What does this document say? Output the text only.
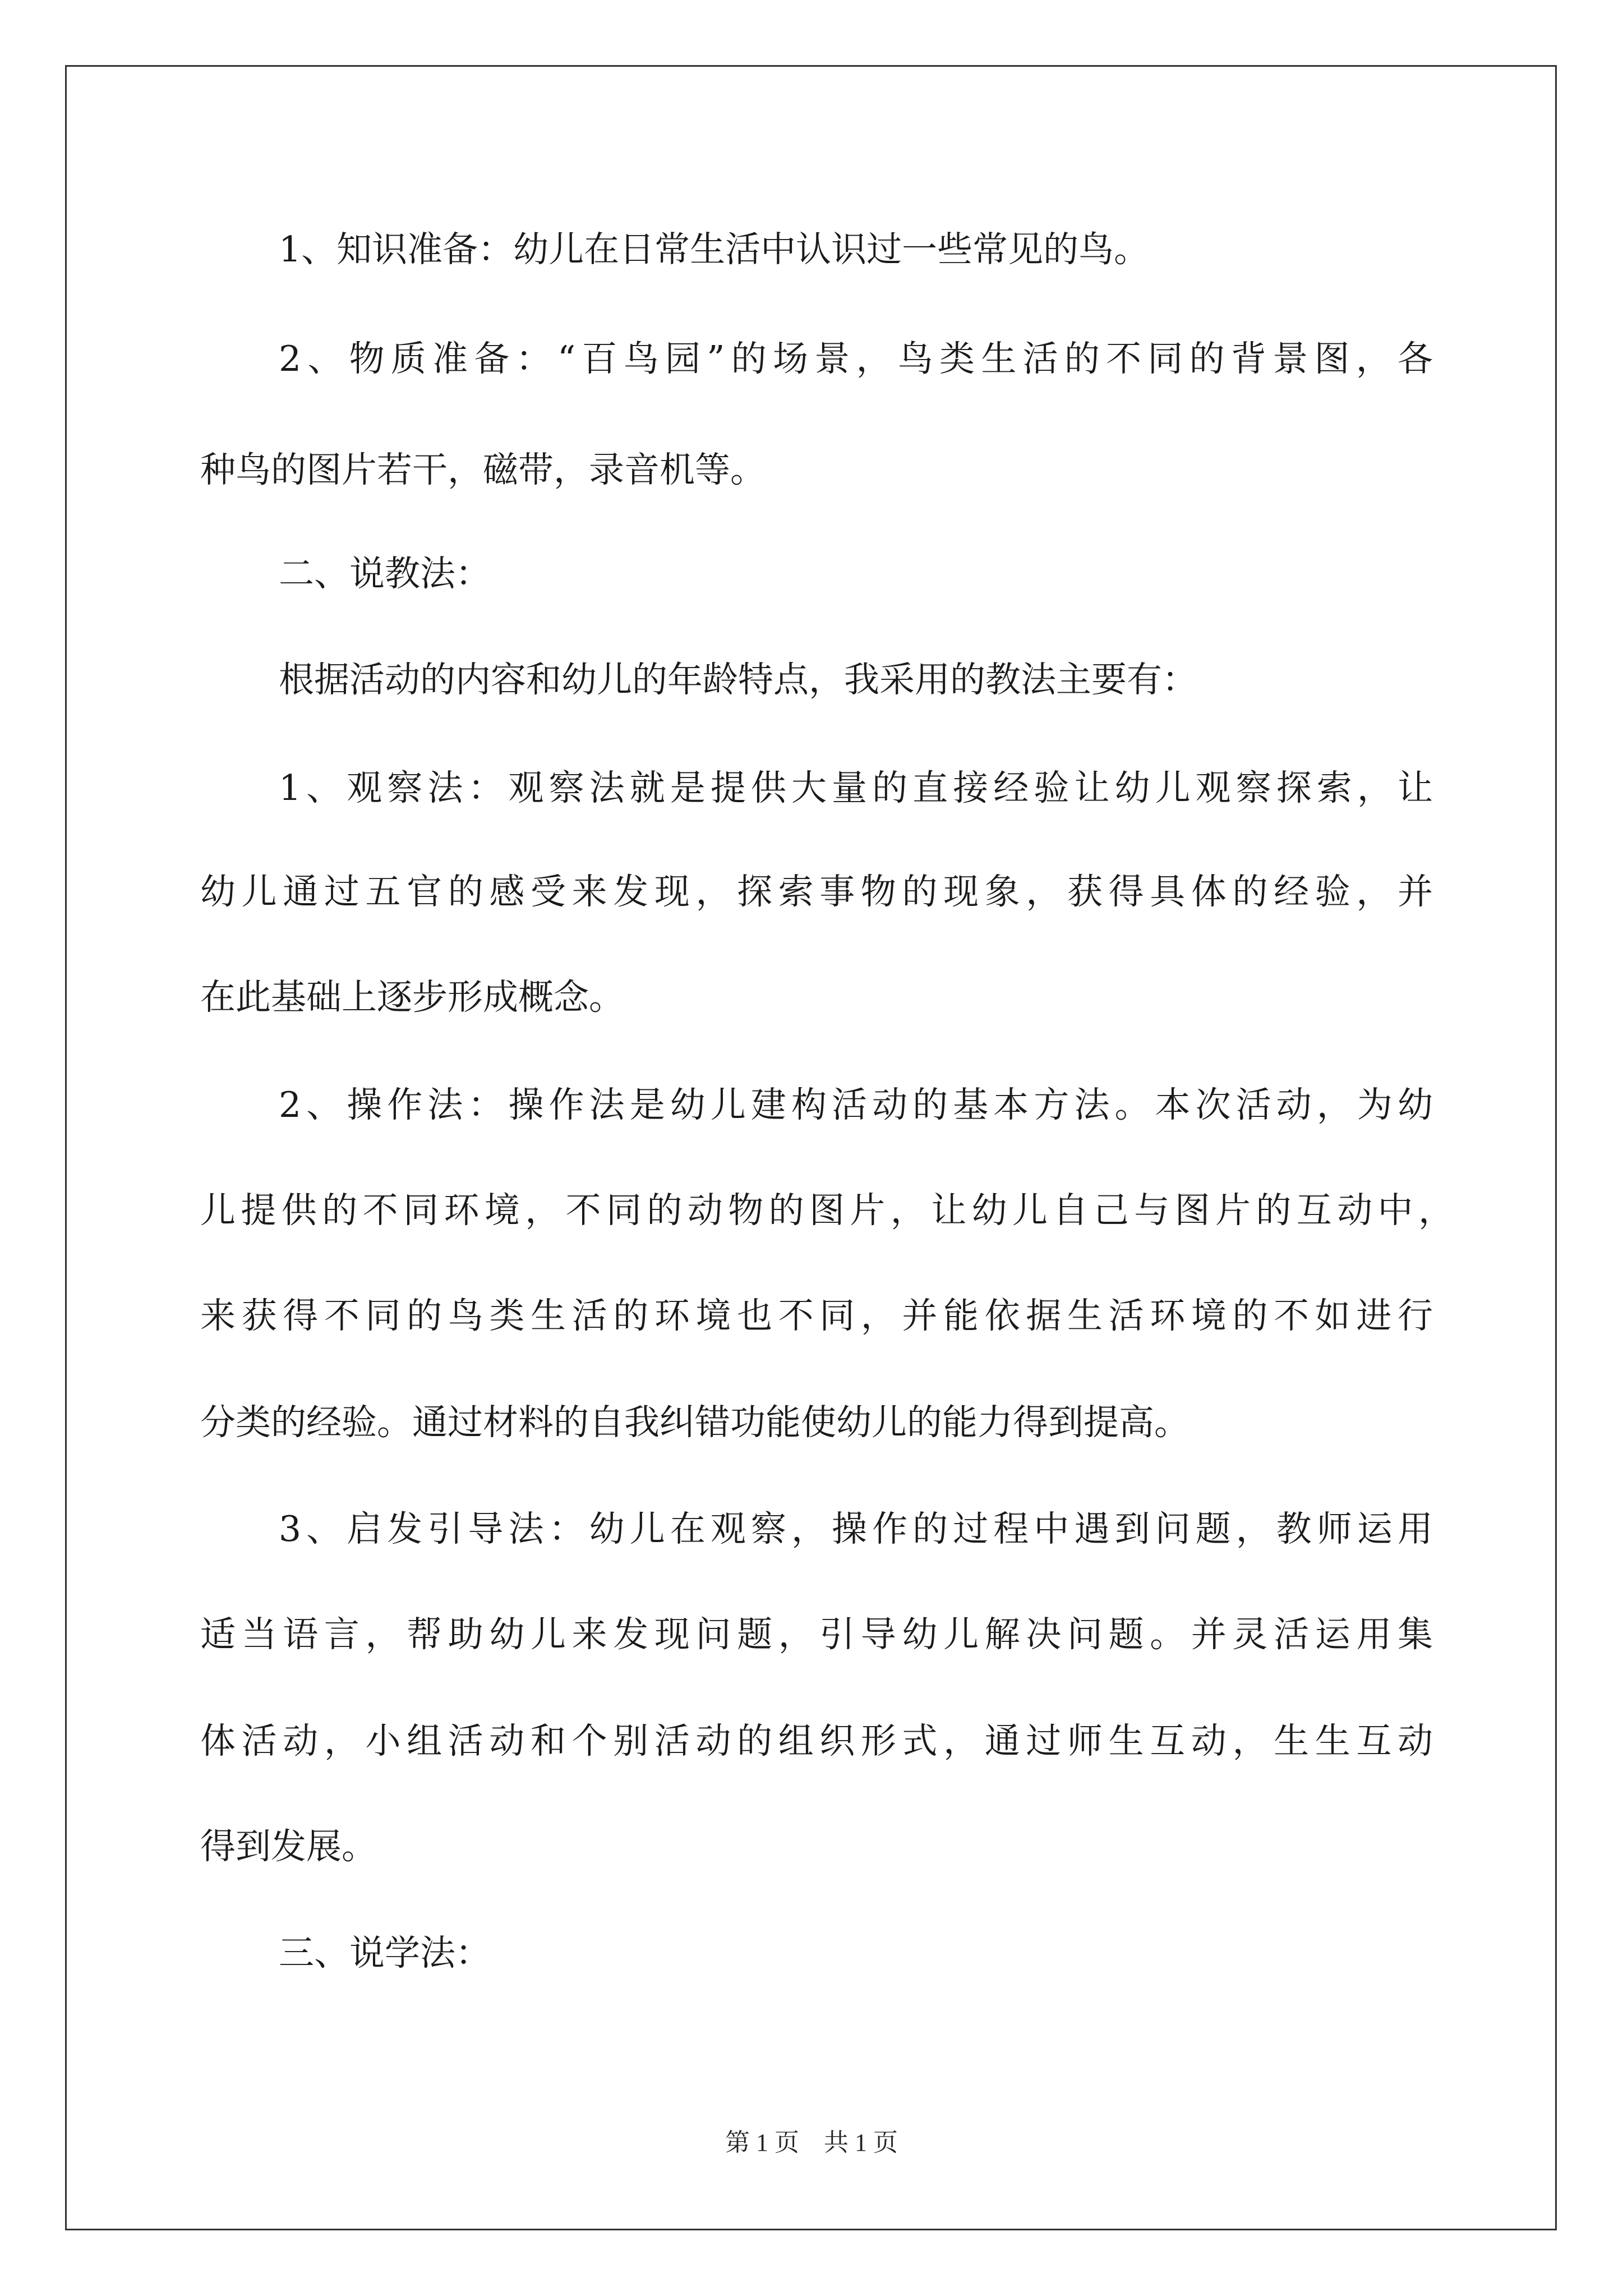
1、知识准备：幼儿在日常生活中认识过一些常见的鸟。
2、物质准备：“百鸟园”的场景，鸟类生活的不同的背景图，各
种鸟的图片若干，磁带，录音机等。
二、说教法：
根据活动的内容和幼儿的年龄特点，我采用的教法主要有：
1、观察法：观察法就是提供大量的直接经验让幼儿观察探索，让
幼儿通过五官的感受来发现，探索事物的现象，获得具体的经验，并
在此基础上逐步形成概念。
2、操作法：操作法是幼儿建构活动的基本方法。本次活动，为幼
儿提供的不同环境，不同的动物的图片，让幼儿自己与图片的互动中，
来获得不同的鸟类生活的环境也不同，并能依据生活环境的不如进行
分类的经验。通过材料的自我纠错功能使幼儿的能力得到提高。
3、启发引导法：幼儿在观察，操作的过程中遇到问题，教师运用
适当语言，帮助幼儿来发现问题，引导幼儿解决问题。并灵活运用集
体活动，小组活动和个别活动的组织形式，通过师生互动，生生互动
得到发展。
三、说学法：
第 1 页　共 1 页
